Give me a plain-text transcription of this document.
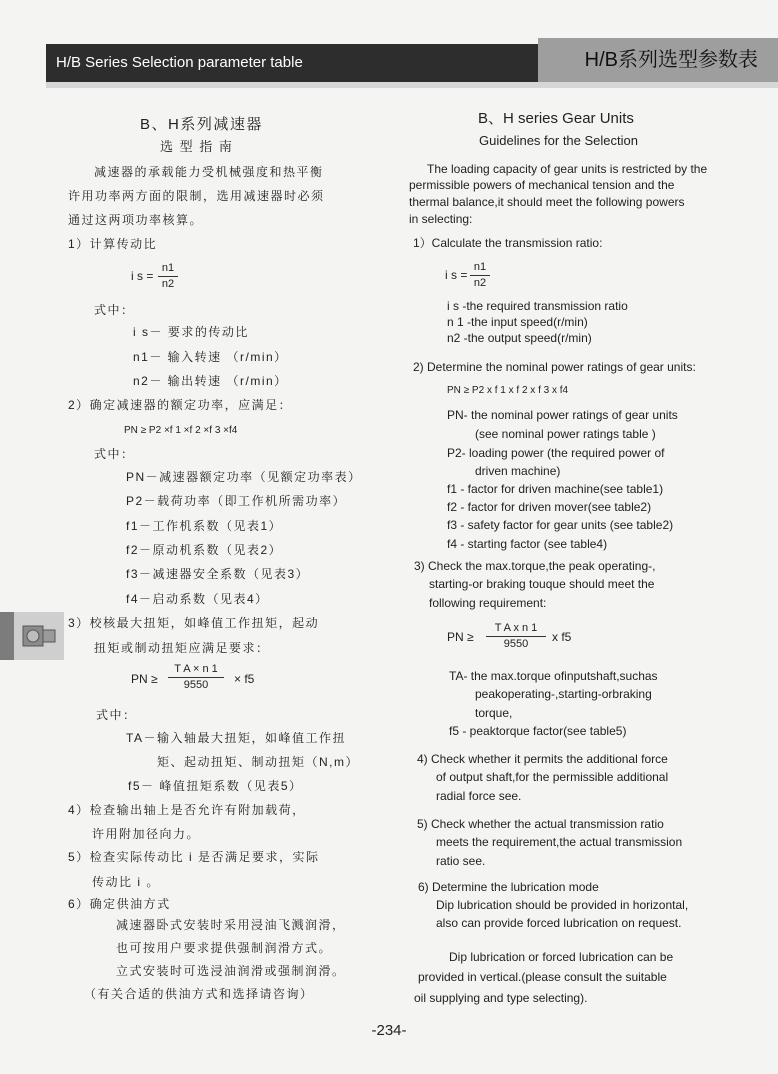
H/B Series Selection parameter table	H/B系列选型参数表
B、H系列减速器
选 型 指 南
减速器的承载能力受机械强度和热平衡
许用功率两方面的限制，选用减速器时必须
通过这两项功率核算。
1）计算传动比
i s =
n1
n2
式中：
i s－ 要求的传动比
n1－ 输入转速 （r/min）
n2－ 输出转速 （r/min）
2）确定减速器的额定功率，应满足：
PN ≥ P2 ×f 1 ×f 2 ×f 3 ×f4
式中：
PN－减速器额定功率（见额定功率表）
P2－载荷功率（即工作机所需功率）
f1－工作机系数（见表1）
f2－原动机系数（见表2）
f3－减速器安全系数（见表3）
f4－启动系数（见表4）
3）校核最大扭矩，如峰值工作扭矩，起动
扭矩或制动扭矩应满足要求：
PN ≥
T A × n 1
9550 × f5
式中：
TA－输入轴最大扭矩，如峰值工作扭
矩、起动扭矩、制动扭矩（N,m）
f5－ 峰值扭矩系数（见表5）
4）检查输出轴上是否允许有附加载荷，
许用附加径向力。
5）检查实际传动比 i 是否满足要求，实际
传动比 i 。
6）确定供油方式
减速器卧式安装时采用浸油飞溅润滑，
也可按用户要求提供强制润滑方式。
立式安装时可选浸油润滑或强制润滑。
（有关合适的供油方式和选择请咨询）
B、H series Gear Units
Guidelines for the Selection
The loading capacity of gear units is restricted by the
permissible powers of mechanical tension and the
thermal balance,it should meet the following powers
in selecting:
1）Calculate the transmission ratio:
i s =
n1
n2
i s -the required transmission ratio
n 1 -the input speed(r/min)
n2 -the output speed(r/min)
2) Determine the nominal power ratings of gear units:
PN ≥ P2 x f 1 x f 2 x f 3 x f4
PN- the nominal power ratings of gear units
(see nominal power ratings table )
P2- loading power (the required power of
driven machine)
f1 - factor for driven machine(see table1)
f2 - factor for driven mover(see table2)
f3 - safety factor for gear units (see table2)
f4 - starting factor (see table4)
3) Check the max.torque,the peak operating-,
starting-or braking touque should meet the
following requirement:
PN ≥
T A x n 1
9550 x f5
TA- the max.torque ofinputshaft,suchas
peakoperating-,starting-orbraking
torque,
f5 - peaktorque factor(see table5)
4) Check whether it permits the additional force
of output shaft,for the permissible additional
radial force see.
5) Check whether the actual transmission ratio
meets the requirement,the actual transmission
ratio see.
6) Determine the lubrication mode
Dip lubrication should be provided in horizontal,
also can provide forced lubrication on request.
Dip lubrication or forced lubrication can be
provided in vertical.(please consult the suitable
oil supplying and type selecting).
-234-
